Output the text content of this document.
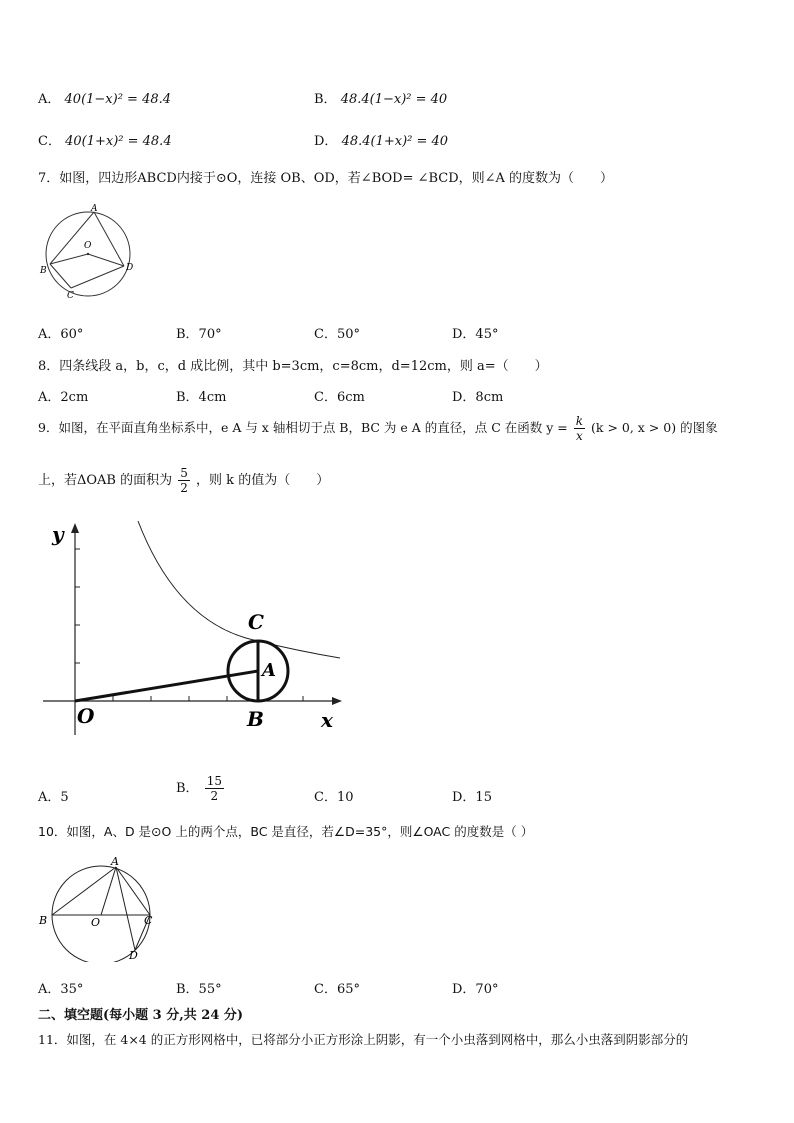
A． 40(1−x)² = 48.4	B． 48.4(1−x)² = 40
C． 40(1+x)² = 48.4	D． 48.4(1+x)² = 40
7．如图，四边形ABCD内接于⊙O，连接 OB、OD，若∠BOD= ∠BCD，则∠A 的度数为（　　）
A
O
B
C
D
A．60°	B．70°	C．50°	D．45°
8．四条线段 a，b，c，d 成比例，其中 b=3cm，c=8cm，d=12cm，则 a=（　　）
A．2cm	B．4cm	C．6cm	D．8cm
9．如图，在平面直角坐标系中，e A 与 x 轴相切于点 B，BC 为 e A 的直径，点 C 在函数 $y = \frac{k}{x} (k > 0$, x > 0) 的图象
上，若ΔOAB 的面积为 $\frac{5}{2}$ ，则 k 的值为（　　）
y
x
O
A
B
C
A．5
B． $\frac{15}{2}$	C．10	D．15
10．如图，A、D 是⊙O 上的两个点，BC 是直径，若∠D=35°，则∠OAC 的度数是（ ）
A
B	O	C
D
A．35°	B．55°	C．65°	D．70°
二、填空题(每小题 3 分,共 24 分)
11．如图，在 4×4 的正方形网格中，已将部分小正方形涂上阴影，有一个小虫落到网格中，那么小虫落到阴影部分的
